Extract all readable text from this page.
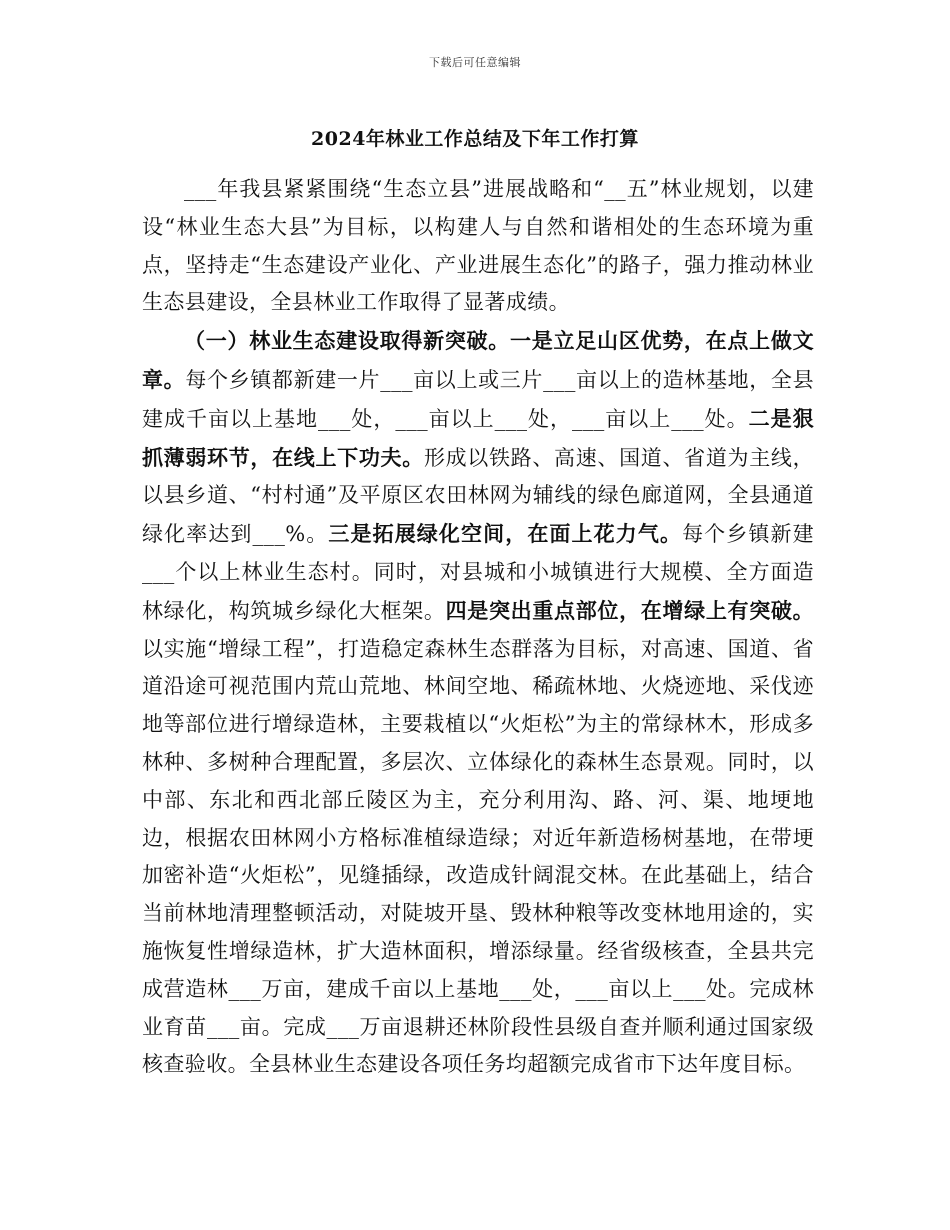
下载后可任意编辑
2024年林业工作总结及下年工作打算

___年我县紧紧围绕“生态立县”进展战略和“__五”林业规划，以建设“林业生态大县”为目标，以构建人与自然和谐相处的生态环境为重点，坚持走“生态建设产业化、产业进展生态化”的路子，强力推动林业生态县建设，全县林业工作取得了显著成绩。

（一）林业生态建设取得新突破。一是立足山区优势，在点上做文章。每个乡镇都新建一片___亩以上或三片___亩以上的造林基地，全县建成千亩以上基地___处，___亩以上___处，___亩以上___处。二是狠抓薄弱环节，在线上下功夫。形成以铁路、高速、国道、省道为主线，以县乡道、“村村通”及平原区农田林网为辅线的绿色廊道网，全县通道绿化率达到___%。三是拓展绿化空间，在面上花力气。每个乡镇新建___个以上林业生态村。同时，对县城和小城镇进行大规模、全方面造林绿化，构筑城乡绿化大框架。四是突出重点部位，在增绿上有突破。以实施“增绿工程”，打造稳定森林生态群落为目标，对高速、国道、省道沿途可视范围内荒山荒地、林间空地、稀疏林地、火烧迹地、采伐迹地等部位进行增绿造林，主要栽植以“火炬松”为主的常绿林木，形成多林种、多树种合理配置，多层次、立体绿化的森林生态景观。同时，以中部、东北和西北部丘陵区为主，充分利用沟、路、河、渠、地埂地边，根据农田林网小方格标准植绿造绿；对近年新造杨树基地，在带埂加密补造“火炬松”，见缝插绿，改造成针阔混交林。在此基础上，结合当前林地清理整顿活动，对陡坡开垦、毁林种粮等改变林地用途的，实施恢复性增绿造林，扩大造林面积，增添绿量。经省级核查，全县共完成营造林___万亩，建成千亩以上基地___处，___亩以上___处。完成林业育苗___亩。完成___万亩退耕还林阶段性县级自查并顺利通过国家级核查验收。全县林业生态建设各项任务均超额完成省市下达年度目标。
